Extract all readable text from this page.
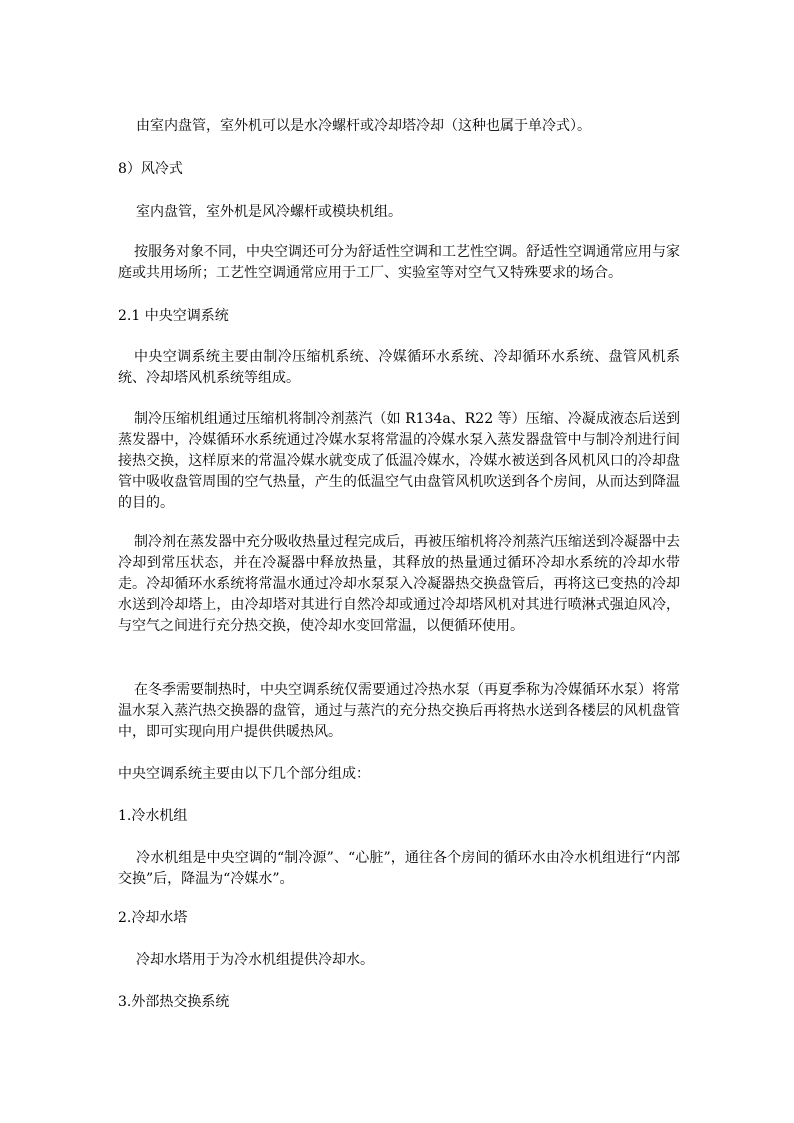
由室内盘管，室外机可以是水冷螺杆或冷却塔冷却（这种也属于单冷式）。

8）风冷式

室内盘管，室外机是风冷螺杆或模块机组。

按服务对象不同，中央空调还可分为舒适性空调和工艺性空调。舒适性空调通常应用与家庭或共用场所；工艺性空调通常应用于工厂、实验室等对空气又特殊要求的场合。

2.1 中央空调系统

中央空调系统主要由制冷压缩机系统、冷媒循环水系统、冷却循环水系统、盘管风机系统、冷却塔风机系统等组成。

制冷压缩机组通过压缩机将制冷剂蒸汽（如 R134a、R22 等）压缩、冷凝成液态后送到蒸发器中，冷媒循环水系统通过冷媒水泵将常温的冷媒水泵入蒸发器盘管中与制冷剂进行间接热交换，这样原来的常温冷媒水就变成了低温冷媒水，冷媒水被送到各风机风口的冷却盘管中吸收盘管周围的空气热量，产生的低温空气由盘管风机吹送到各个房间，从而达到降温的目的。

制冷剂在蒸发器中充分吸收热量过程完成后，再被压缩机将冷剂蒸汽压缩送到冷凝器中去冷却到常压状态，并在冷凝器中释放热量，其释放的热量通过循环冷却水系统的冷却水带走。冷却循环水系统将常温水通过冷却水泵泵入冷凝器热交换盘管后，再将这已变热的冷却水送到冷却塔上，由冷却塔对其进行自然冷却或通过冷却塔风机对其进行喷淋式强迫风冷，与空气之间进行充分热交换，使冷却水变回常温，以便循环使用。

在冬季需要制热时，中央空调系统仅需要通过冷热水泵（再夏季称为冷媒循环水泵）将常温水泵入蒸汽热交换器的盘管，通过与蒸汽的充分热交换后再将热水送到各楼层的风机盘管中，即可实现向用户提供供暖热风。

中央空调系统主要由以下几个部分组成：

1.冷水机组

冷水机组是中央空调的“制冷源”、“心脏”，通往各个房间的循环水由冷水机组进行“内部交换”后，降温为“冷媒水”。

2.冷却水塔

冷却水塔用于为冷水机组提供冷却水。

3.外部热交换系统
